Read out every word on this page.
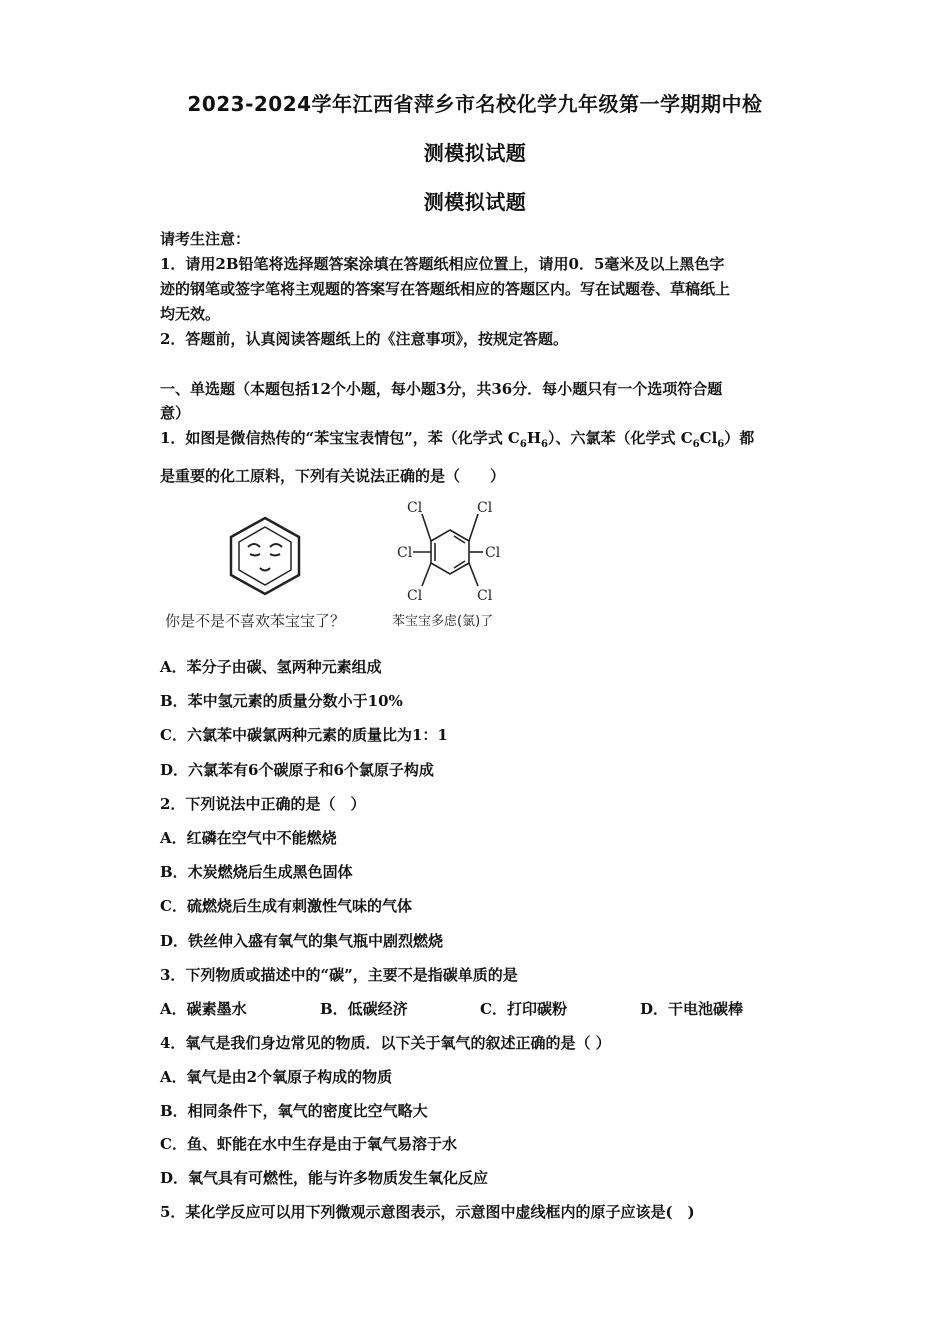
2023-2024学年江西省萍乡市名校化学九年级第一学期期中检
测模拟试题
测模拟试题
请考生注意：
1．请用2B铅笔将选择题答案涂填在答题纸相应位置上，请用0．5毫米及以上黑色字
迹的钢笔或签字笔将主观题的答案写在答题纸相应的答题区内。写在试题卷、草稿纸上
均无效。
2．答题前，认真阅读答题纸上的《注意事项》，按规定答题。
一、单选题（本题包括12个小题，每小题3分，共36分．每小题只有一个选项符合题
意）
1．如图是微信热传的“苯宝宝表情包”，苯（化学式 $C_6H_6$）、六氯苯（化学式 $C_6Cl_6$）都
是重要的化工原料，下列有关说法正确的是（　　）
Cl	Cl
Cl	Cl
Cl	Cl
你是不是不喜欢苯宝宝了？	苯宝宝多虑(氯)了
A．苯分子由碳、氢两种元素组成
B．苯中氢元素的质量分数小于10%
C．六氯苯中碳氯两种元素的质量比为1：1
D．六氯苯有6个碳原子和6个氯原子构成
2．下列说法中正确的是（　）
A．红磷在空气中不能燃烧
B．木炭燃烧后生成黑色固体
C．硫燃烧后生成有刺激性气味的气体
D．铁丝伸入盛有氧气的集气瓶中剧烈燃烧
3．下列物质或描述中的“碳”，主要不是指碳单质的是
A．碳素墨水	B．低碳经济	C．打印碳粉	D．干电池碳棒
4．氧气是我们身边常见的物质．以下关于氧气的叙述正确的是（ ）
A．氧气是由2个氧原子构成的物质
B．相同条件下，氧气的密度比空气略大
C．鱼、虾能在水中生存是由于氧气易溶于水
D．氧气具有可燃性，能与许多物质发生氧化反应
5．某化学反应可以用下列微观示意图表示，示意图中虚线框内的原子应该是(　)
